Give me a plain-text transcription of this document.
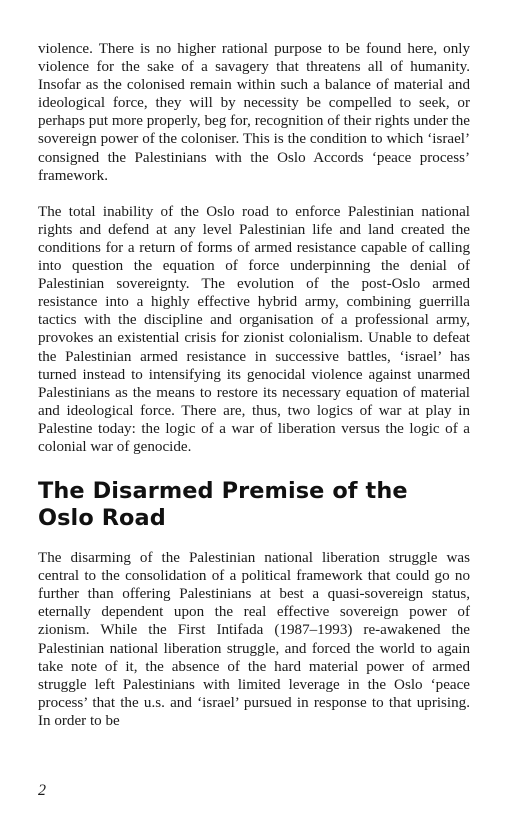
violence. There is no higher rational purpose to be found here, only violence for the sake of a savagery that threatens all of humanity. Insofar as the colonised remain within such a balance of material and ideological force, they will by necessity be compelled to seek, or perhaps put more properly, beg for, recognition of their rights under the sovereign power of the coloniser. This is the condition to which ‘israel’ consigned the Palestinians with the Oslo Accords ‘peace process’ framework.

The total inability of the Oslo road to enforce Palestinian national rights and defend at any level Palestinian life and land created the conditions for a return of forms of armed resistance capable of calling into question the equation of force underpinning the denial of Palestinian sovereignty. The evolution of the post-Oslo armed resistance into a highly effective hybrid army, combining guerrilla tactics with the discipline and organisation of a professional army, provokes an existential crisis for zionist colonialism. Unable to defeat the Palestinian armed resistance in successive battles, ‘israel’ has turned instead to intensifying its genocidal violence against unarmed Palestinians as the means to restore its necessary equation of material and ideological force. There are, thus, two logics of war at play in Palestine today: the logic of a war of liberation versus the logic of a colonial war of genocide.

The Disarmed Premise of the Oslo Road

The disarming of the Palestinian national liberation struggle was central to the consolidation of a political framework that could go no further than offering Palestinians at best a quasi-sovereign status, eternally dependent upon the real effective sovereign power of zionism. While the First Intifada (1987–1993) re-awakened the Palestinian national liberation struggle, and forced the world to again take note of it, the absence of the hard material power of armed struggle left Palestinians with limited leverage in the Oslo ‘peace process’ that the u.s. and ‘israel’ pursued in response to that uprising. In order to be

2
